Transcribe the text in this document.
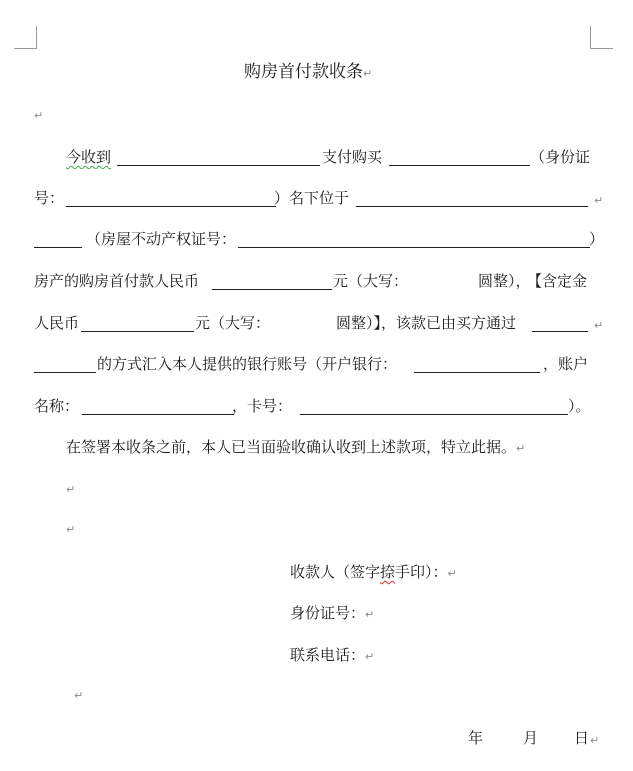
购房首付款收条↵
↵
今收到	支付购买	（身份证
号：	）名下位于	↵
（房屋不动产权证号：	）
房产的购房首付款人民币	元（大写：	圆整），
【含定金
人民币	元（大写：	圆整）】，该款已由买方通过	↵
的方式汇入本人提供的银行账号（开户银行：	，账户
名称：	，卡号：	）。
在签署本收条之前，本人已当面验收确认收到上述款项，特立此据。↵
↵
↵
收款人（签字捺手印）：↵
身份证号：↵
联系电话：↵
↵
年	月 日 ↵
